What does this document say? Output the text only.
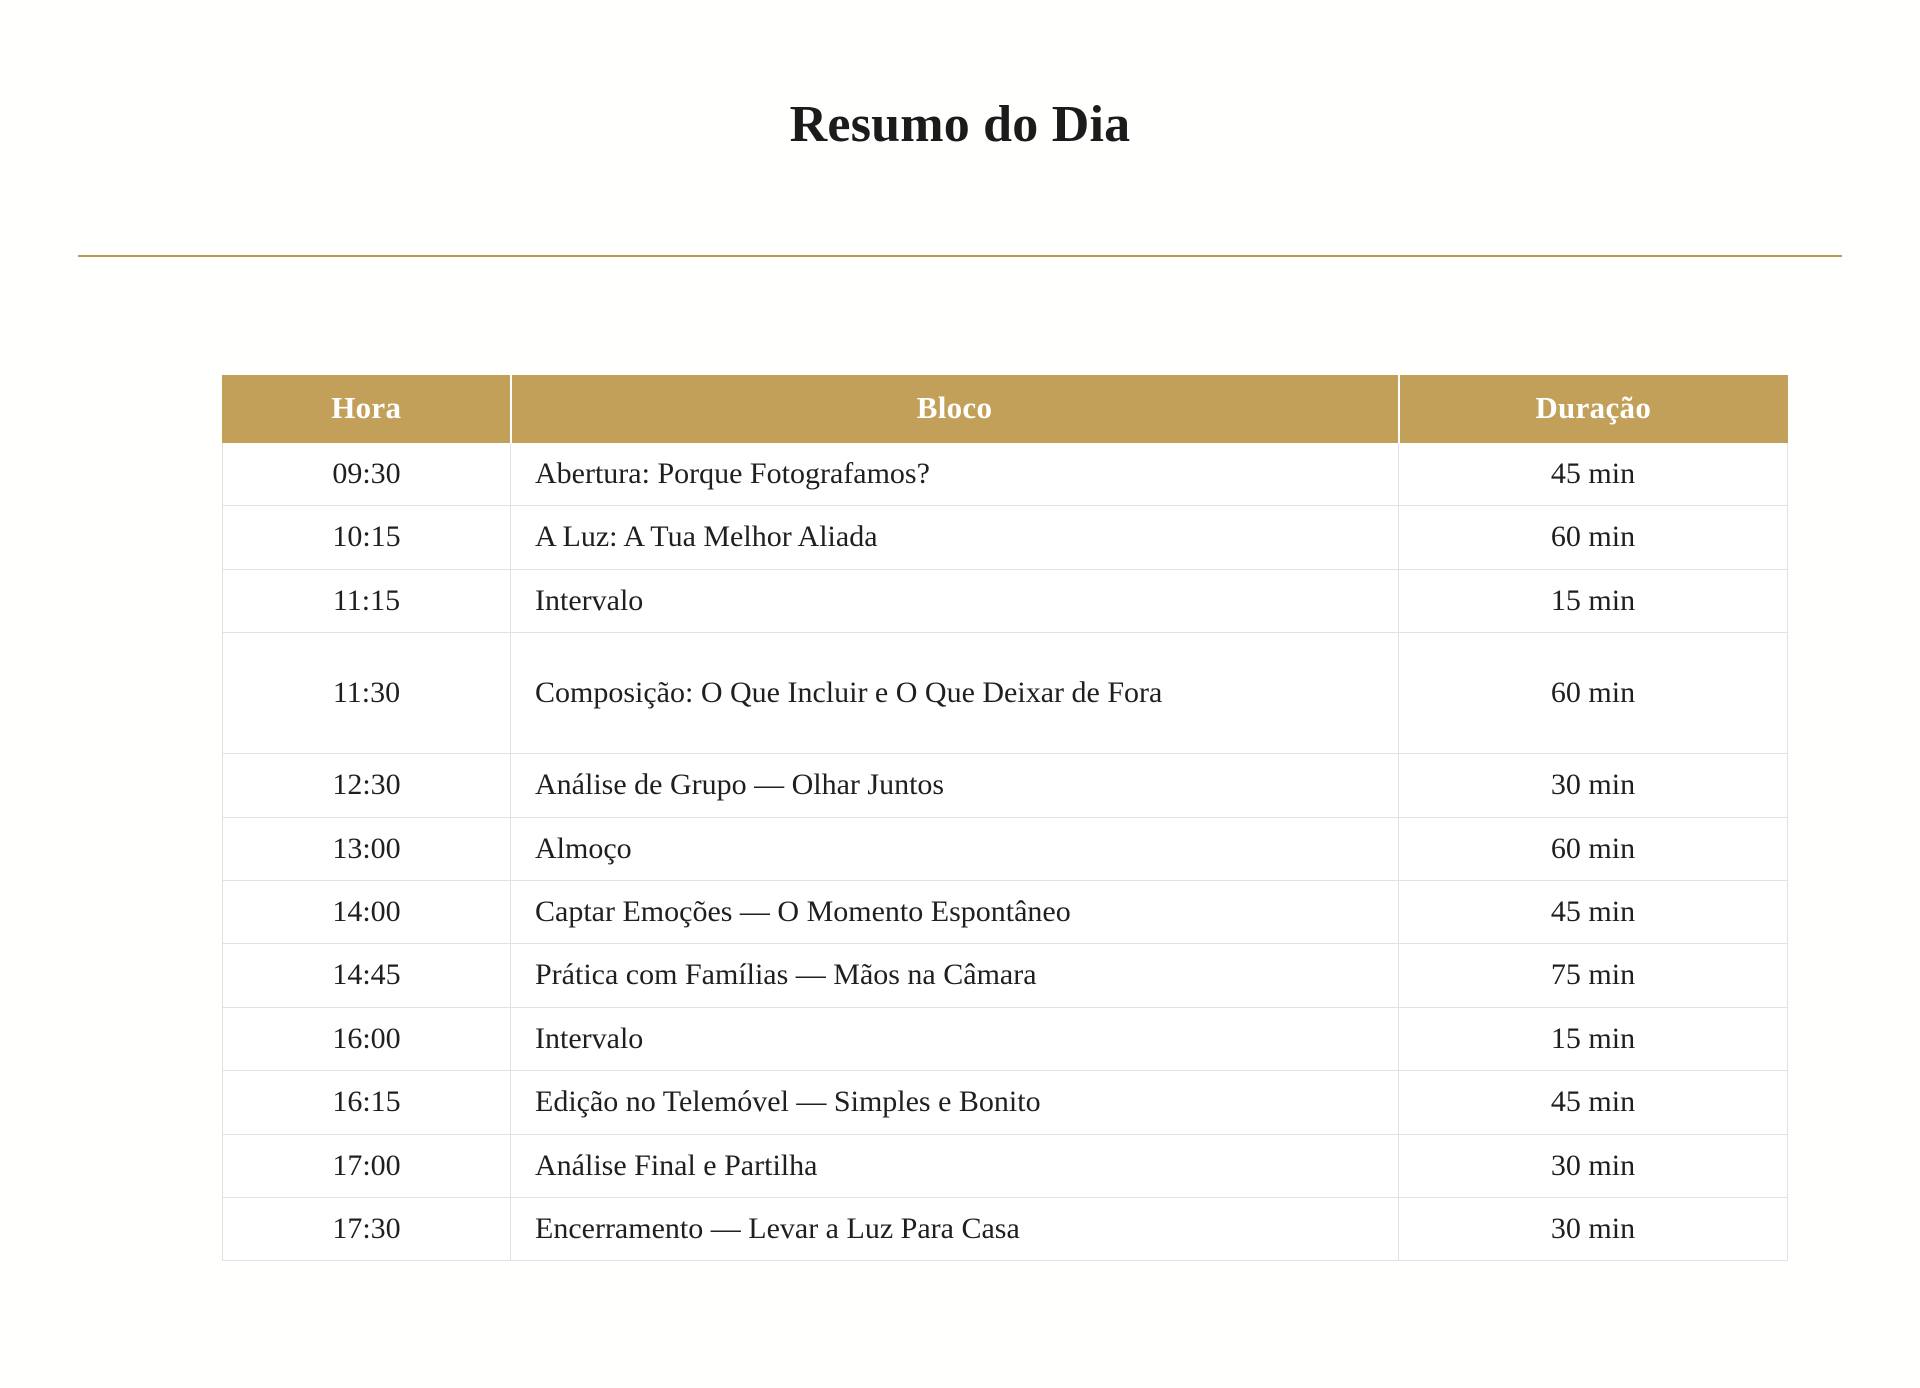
Resumo do Dia
Hora	Bloco	Duração
09:30	Abertura: Porque Fotografamos?	45 min
10:15	A Luz: A Tua Melhor Aliada	60 min
11:15	Intervalo	15 min
11:30	Composição: O Que Incluir e O Que Deixar de Fora	60 min
12:30	Análise de Grupo — Olhar Juntos	30 min
13:00	Almoço	60 min
14:00	Captar Emoções — O Momento Espontâneo	45 min
14:45	Prática com Famílias — Mãos na Câmara	75 min
16:00	Intervalo	15 min
16:15	Edição no Telemóvel — Simples e Bonito	45 min
17:00	Análise Final e Partilha	30 min
17:30	Encerramento — Levar a Luz Para Casa	30 min
